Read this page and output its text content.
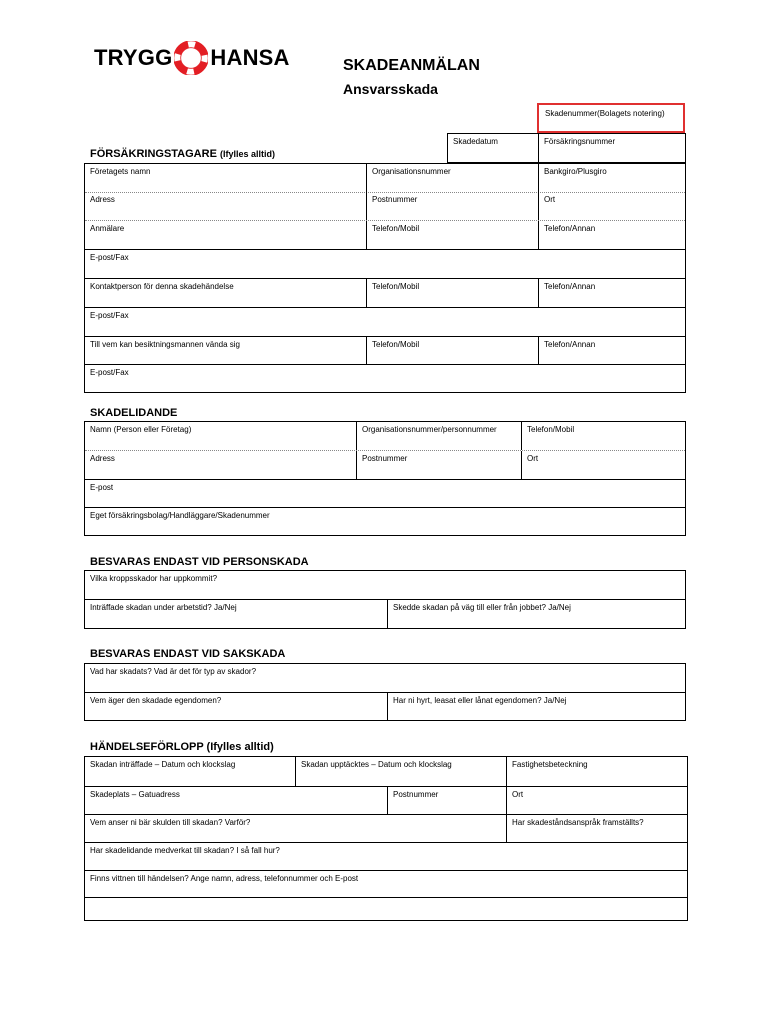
TRYGG HANSA	SKADEANMÄLAN
Ansvarsskada
Skadenummer(Bolagets notering)
Skadedatum	Försäkringsnummer
FÖRSÄKRINGSTAGARE (Ifylles alltid)
Företagets namn	Organisationsnummer	Bankgiro/Plusgiro
Adress	Postnummer	Ort
Anmälare	Telefon/Mobil	Telefon/Annan
E-post/Fax
Kontaktperson för denna skadehändelse	Telefon/Mobil	Telefon/Annan
E-post/Fax
Till vem kan besiktningsmannen vända sig	Telefon/Mobil	Telefon/Annan
E-post/Fax
SKADELIDANDE
Namn (Person eller Företag)	Organisationsnummer/personnummer	Telefon/Mobil
Adress	Postnummer	Ort
E-post
Eget försäkringsbolag/Handläggare/Skadenummer
BESVARAS ENDAST VID PERSONSKADA
Vilka kroppsskador har uppkommit?
Inträffade skadan under arbetstid? Ja/Nej	Skedde skadan på väg till eller från jobbet? Ja/Nej
BESVARAS ENDAST VID SAKSKADA
Vad har skadats? Vad är det för typ av skador?
Vem äger den skadade egendomen?	Har ni hyrt, leasat eller lånat egendomen? Ja/Nej
HÄNDELSEFÖRLOPP (Ifylles alltid)
Skadan inträffade – Datum och klockslag	Skadan upptäcktes – Datum och klockslag	Fastighetsbeteckning
Skadeplats – Gatuadress	Postnummer	Ort
Vem anser ni bär skulden till skadan? Varför?	Har skadeståndsanspråk framställts?
Har skadelidande medverkat till skadan? I så fall hur?
Finns vittnen till händelsen? Ange namn, adress, telefonnummer och E-post
